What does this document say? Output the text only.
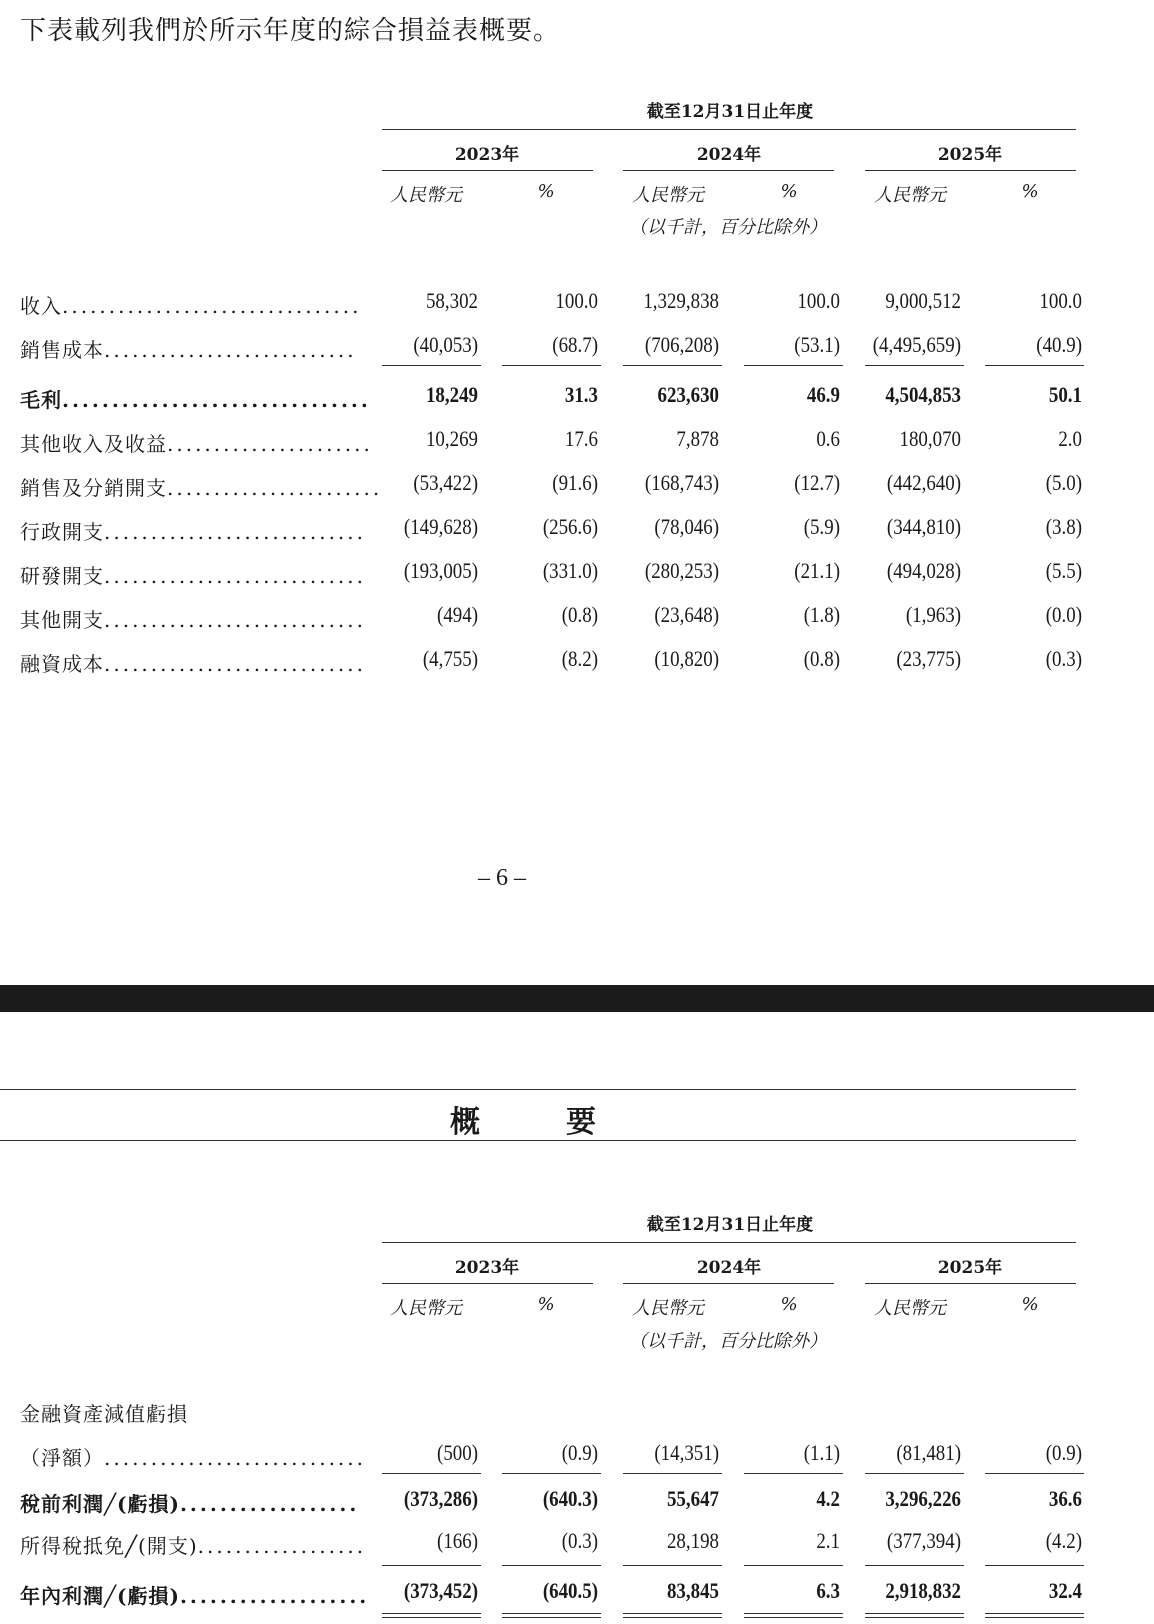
下表載列我們於所示年度的綜合損益表概要。
截至12月31日止年度
2023年	2024年	2025年
人民幣元	%	人民幣元	%	人民幣元	%
（以千計，百分比除外）
收入................................	58,302	100.0	1,329,838	100.0	9,000,512	100.0
銷售成本...........................	(40,053)	(68.7)	(706,208)	(53.1)	(4,495,659)	(40.9)
毛利...............................	18,249	31.3	623,630	46.9	4,504,853	50.1
其他收入及收益......................	10,269	17.6	7,878	0.6	180,070	2.0
銷售及分銷開支.......................	(53,422)	(91.6)	(168,743)	(12.7)	(442,640)	(5.0)
行政開支............................	(149,628)	(256.6)	(78,046)	(5.9)	(344,810)	(3.8)
研發開支............................	(193,005)	(331.0)	(280,253)	(21.1)	(494,028)	(5.5)
其他開支............................	(494)	(0.8)	(23,648)	(1.8)	(1,963)	(0.0)
融資成本............................	(4,755)	(8.2)	(10,820)	(0.8)	(23,775)	(0.3)
– 6 –
概　要
截至12月31日止年度
2023年	2024年	2025年
人民幣元	%	人民幣元	%	人民幣元	%
（以千計，百分比除外）
金融資產減值虧損
（淨額）............................	(500)	(0.9)	(14,351)	(1.1)	(81,481)	(0.9)
稅前利潤╱(虧損)..................	(373,286)	(640.3)	55,647	4.2	3,296,226	36.6
所得稅抵免╱(開支)..................	(166)	(0.3)	28,198	2.1	(377,394)	(4.2)
年內利潤╱(虧損)...................	(373,452)	(640.5)	83,845	6.3	2,918,832	32.4
